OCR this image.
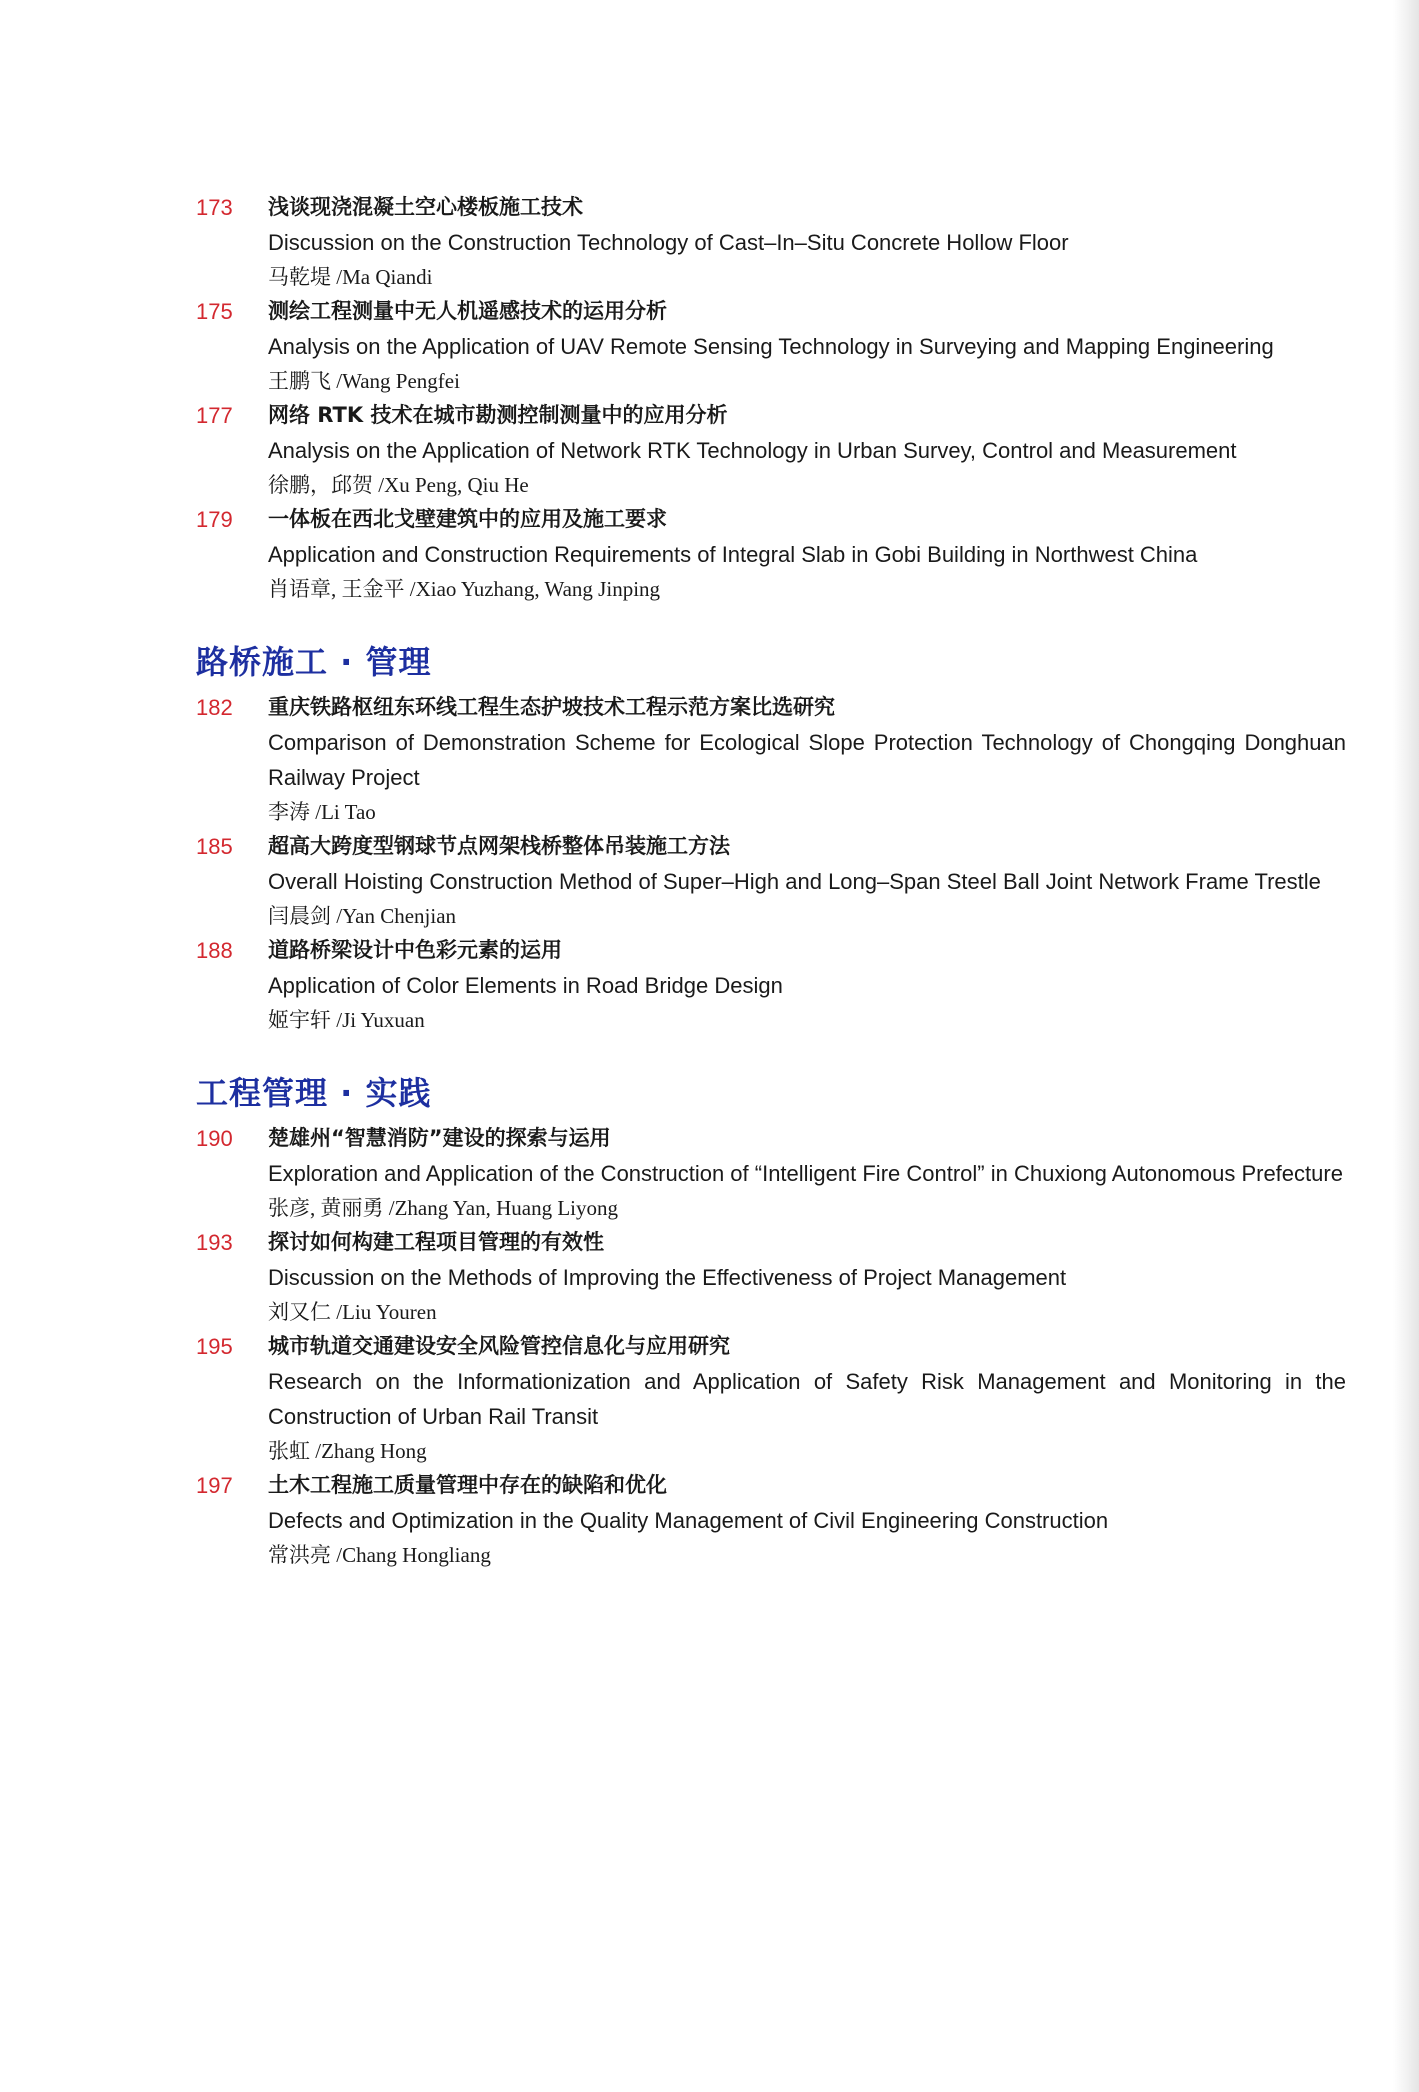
173 浅谈现浇混凝土空心楼板施工技术
Discussion on the Construction Technology of Cast–In–Situ Concrete Hollow Floor
马乾堤 /Ma Qiandi
175 测绘工程测量中无人机遥感技术的运用分析
Analysis on the Application of UAV Remote Sensing Technology in Surveying and Mapping Engineering
王鹏飞 /Wang Pengfei
177 网络 RTK 技术在城市勘测控制测量中的应用分析
Analysis on the Application of Network RTK Technology in Urban Survey, Control and Measurement
徐鹏，邱贺 /Xu Peng, Qiu He
179 一体板在西北戈壁建筑中的应用及施工要求
Application and Construction Requirements of Integral Slab in Gobi Building in Northwest China
肖语章, 王金平 /Xiao Yuzhang, Wang Jinping
路桥施工 · 管理
182 重庆铁路枢纽东环线工程生态护坡技术工程示范方案比选研究
Comparison of Demonstration Scheme for Ecological Slope Protection Technology of Chongqing Donghuan Railway Project
李涛 /Li Tao
185 超高大跨度型钢球节点网架栈桥整体吊装施工方法
Overall Hoisting Construction Method of Super–High and Long–Span Steel Ball Joint Network Frame Trestle
闫晨剑 /Yan Chenjian
188 道路桥梁设计中色彩元素的运用
Application of Color Elements in Road Bridge Design
姬宇轩 /Ji Yuxuan
工程管理 · 实践
190 楚雄州“智慧消防”建设的探索与运用
Exploration and Application of the Construction of “Intelligent Fire Control” in Chuxiong Autonomous Prefecture
张彦, 黄丽勇 /Zhang Yan, Huang Liyong
193 探讨如何构建工程项目管理的有效性
Discussion on the Methods of Improving the Effectiveness of Project Management
刘又仁 /Liu Youren
195 城市轨道交通建设安全风险管控信息化与应用研究
Research on the Informationization and Application of Safety Risk Management and Monitoring in the Construction of Urban Rail Transit
张虹 /Zhang Hong
197 土木工程施工质量管理中存在的缺陷和优化
Defects and Optimization in the Quality Management of Civil Engineering Construction
常洪亮 /Chang Hongliang
